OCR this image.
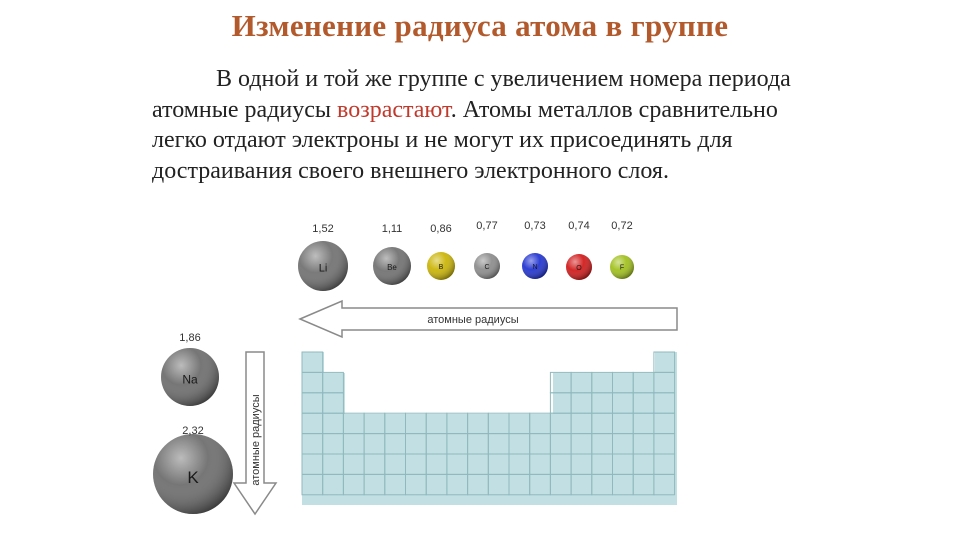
Изменение радиуса атома в группе
В одной и той же группе с увеличением номера периода атомные радиусы возрастают. Атомы металлов сравнительно легко отдают электроны и не могут их присоединять для достраивания своего внешнего электронного слоя.
Li
1,52
Be
1,11
B
0,86
C
0,77
N
0,73
O
0,74
F
0,72
Na
1,86
K
2,32
атомные радиусы
атомные радиусы
